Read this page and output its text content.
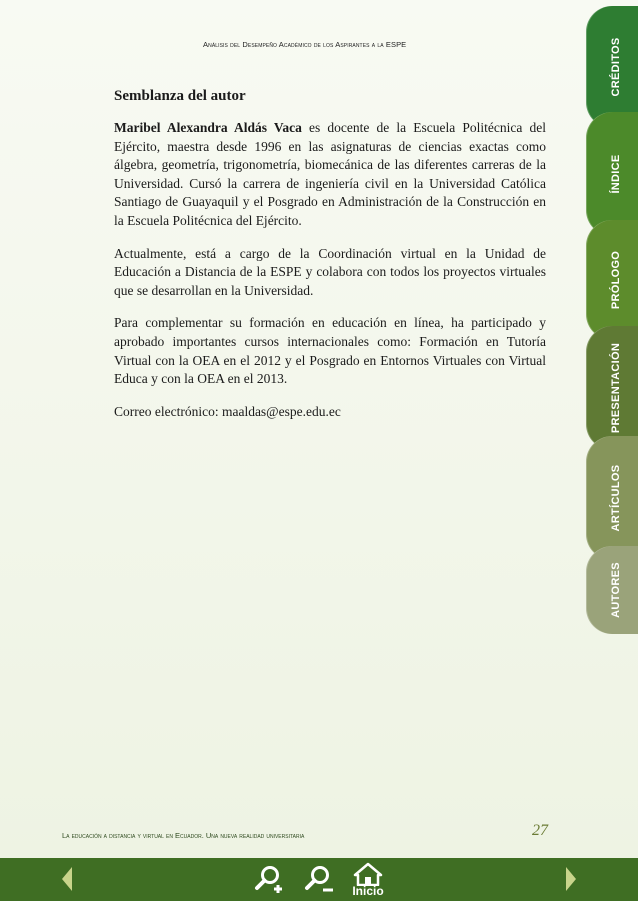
Análisis del Desempeño Académico de los Aspirantes a la ESPE
Semblanza del autor

Maribel Alexandra Aldás Vaca es docente de la Escuela Politécnica del Ejército, maestra desde 1996 en las asignaturas de ciencias exactas como álgebra, geometría, trigonometría, biomecánica de las diferentes carreras de la Universidad. Cursó la carrera de ingeniería civil en la Universidad Católica Santiago de Guayaquil y el Posgrado en Administración de la Construcción en la Escuela Politécnica del Ejército.

Actualmente, está a cargo de la Coordinación virtual en la Unidad de Educación a Distancia de la ESPE y colabora con todos los proyectos virtuales que se desarrollan en la Universidad.

Para complementar su formación en educación en línea, ha participado y aprobado importantes cursos internacionales como: Formación en Tutoría Virtual con la OEA en el 2012 y el Posgrado en Entornos Virtuales con Virtual Educa y con la OEA en el 2013.

Correo electrónico: maaldas@espe.edu.ec

CRÉDITOS
ÍNDICE
PRÓLOGO
PRESENTACIÓN
ARTÍCULOS
AUTORES
La educación a distancia y virtual en Ecuador. Una nueva realidad universitaria	27
Inicio
